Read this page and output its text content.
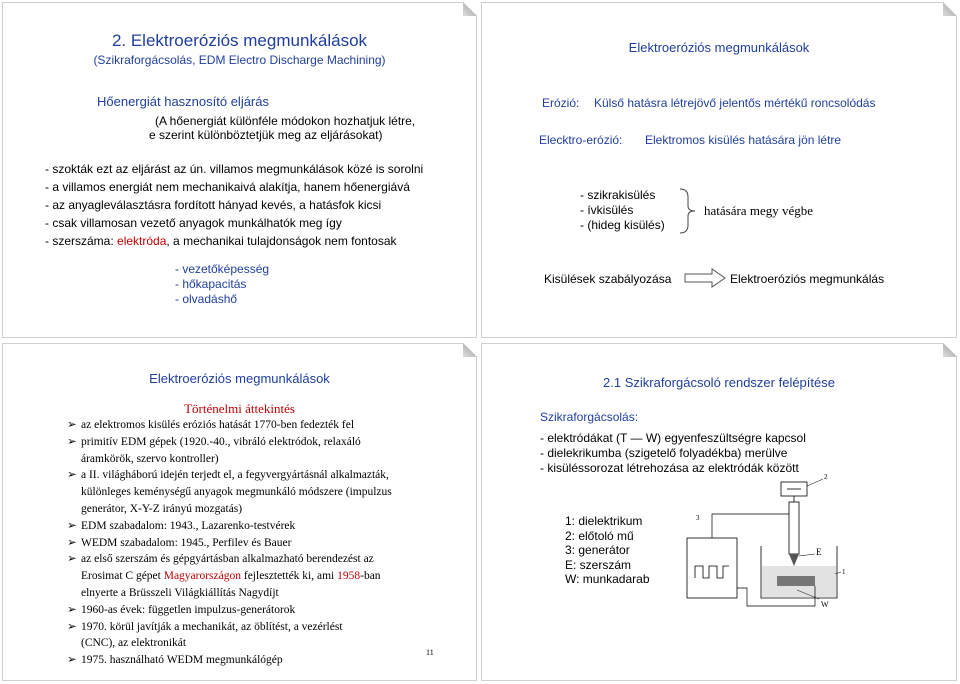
2. Elektroeróziós megmunkálások
(Szikraforgácsolás, EDM Electro Discharge Machining)
Hőenergiát hasznosító eljárás
(A hőenergiát különféle módokon hozhatjuk létre,
e szerint különböztetjük meg az eljárásokat)
- szokták ezt az eljárást az ún. villamos megmunkálások közé is sorolni
- a villamos energiát nem mechanikaivá alakítja, hanem hőenergiává
- az anyagleválasztásra fordított hányad kevés, a hatásfok kicsi
- csak villamosan vezető anyagok munkálhatók meg így
- szerszáma: elektróda, a mechanikai tulajdonságok nem fontosak
- vezetőképesség
- hőkapacitás
- olvadáshő
Elektroeróziós megmunkálások
Erózió: Külső hatásra létrejövő jelentős mértékű roncsolódás
Elecktro-erózió: Elektromos kisülés hatására jön létre
- szikrakisülés
- ívkisülés
- (hideg kisülés)
hatására megy végbe
Kisülések szabályozása	Elektroeróziós megmunkálás
Elektroeróziós megmunkálások
Történelmi áttekintés
➢ az elektromos kisülés eróziós hatását 1770-ben fedezték fel
➢ primitív EDM gépek (1920.-40., vibráló elektródok, relaxáló
áramkörök, szervo kontroller)
➢ a II. világháború idején terjedt el, a fegyvergyártásnál alkalmazták,
különleges keménységű anyagok megmunkáló módszere (impulzus
generátor, X-Y-Z irányú mozgatás)
➢ EDM szabadalom: 1943., Lazarenko-testvérek
➢ WEDM szabadalom: 1945., Perfilev és Bauer
➢ az első szerszám és gépgyártásban alkalmazható berendezést az
Erosimat C gépet Magyarországon fejlesztették ki, ami 1958-ban
elnyerte a Brüsszeli Világkiállítás Nagydíjt
➢ 1960-as évek: független impulzus-generátorok
➢ 1970. körül javítják a mechanikát, az öblítést, a vezérlést
(CNC), az elektronikát
➢ 1975. használható WEDM megmunkálógép
11
2.1 Szikraforgácsoló rendszer felépítése
Szikraforgácsolás:
- elektródákat (T — W) egyenfeszültségre kapcsol
- dielekrikumba (szigetelő folyadékba) merülve
- kisüléssorozat létrehozása az elektródák között
1: dielektrikum
2: előtoló mű
3: generátor
E: szerszám
W: munkadarab
3
2
E
1
W
